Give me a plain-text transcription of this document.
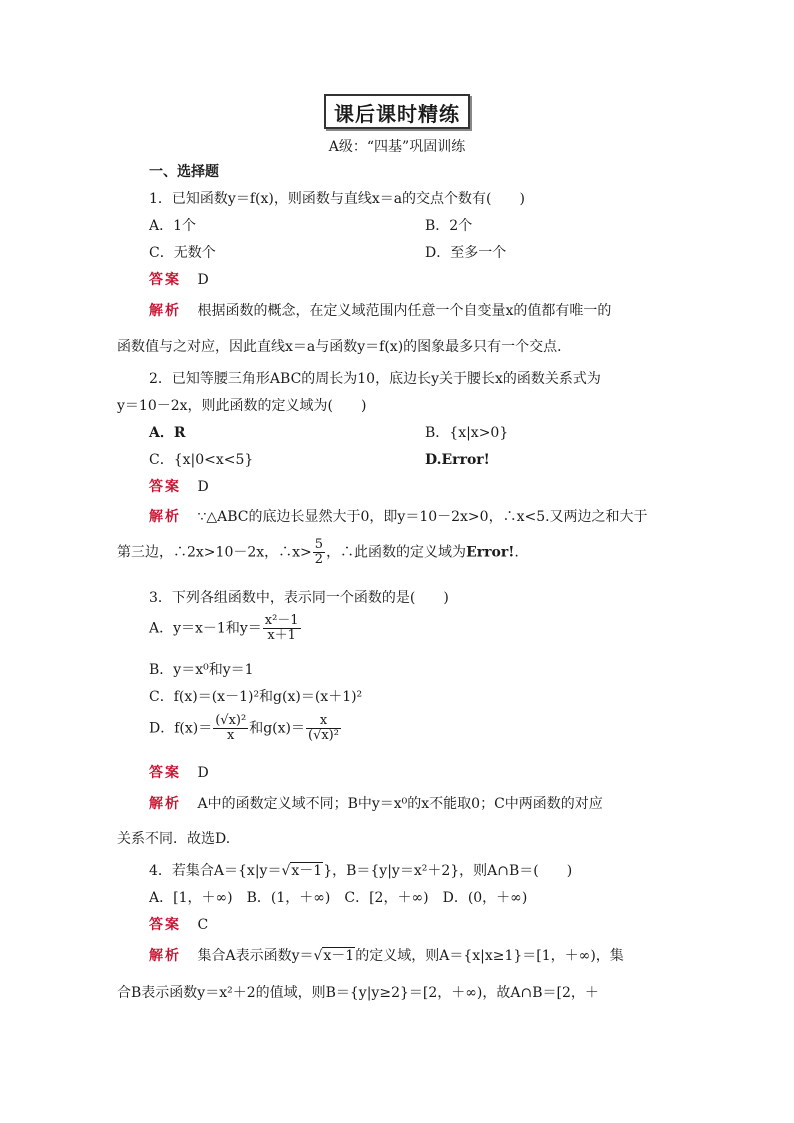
课后课时精练
A级：“四基”巩固训练
一、选择题
1．已知函数y＝f(x)，则函数与直线x＝a的交点个数有(　　)
A．1个	B．2个
C．无数个	D．至多一个
答案 D
解析 根据函数的概念，在定义域范围内任意一个自变量x的值都有唯一的
函数值与之对应，因此直线x＝a与函数y＝f(x)的图象最多只有一个交点．
2．已知等腰三角形ABC的周长为10，底边长y关于腰长x的函数关系式为
y＝10－2x，则此函数的定义域为(　　)
A．R	B．{x|x>0}
C．{x|0<x<5}	D.Error!
答案 D
解析 ∵△ABC的底边长显然大于0，即y＝10－2x>0，∴x<5.又两边之和大于
第三边，∴2x>10－2x，∴x> $\frac{5}{2}$ ，∴此函数的定义域为Error!.
3．下列各组函数中，表示同一个函数的是(　　)
A．y＝x－1和$y= \frac{\text{x²－1}}{x+1}$
B．y＝x⁰和y＝1
C．f(x)＝(x－1)²和g(x)＝(x＋1)²
D．$f(x)= \frac{\text{(√x)²}}{x}$ 和$g(x)= \frac{x}{\text{(√x)²}}$
答案 D
解析 A中的函数定义域不同；B中y＝x⁰的x不能取0；C中两函数的对应
关系不同．故选D.
4．若集合A＝{x|y＝√x－1}，B＝{y|y＝x²＋2}，则A∩B＝(　　)
A．[1，＋∞)　B．(1，＋∞)　C．[2，＋∞)　D．(0，＋∞)
答案 C
解析 集合A表示函数y＝√x－1的定义域，则A＝{x|x≥1}＝[1，＋∞)，集
合B表示函数y＝x²＋2的值域，则B＝{y|y≥2}＝[2，＋∞)，故A∩B＝[2，＋
